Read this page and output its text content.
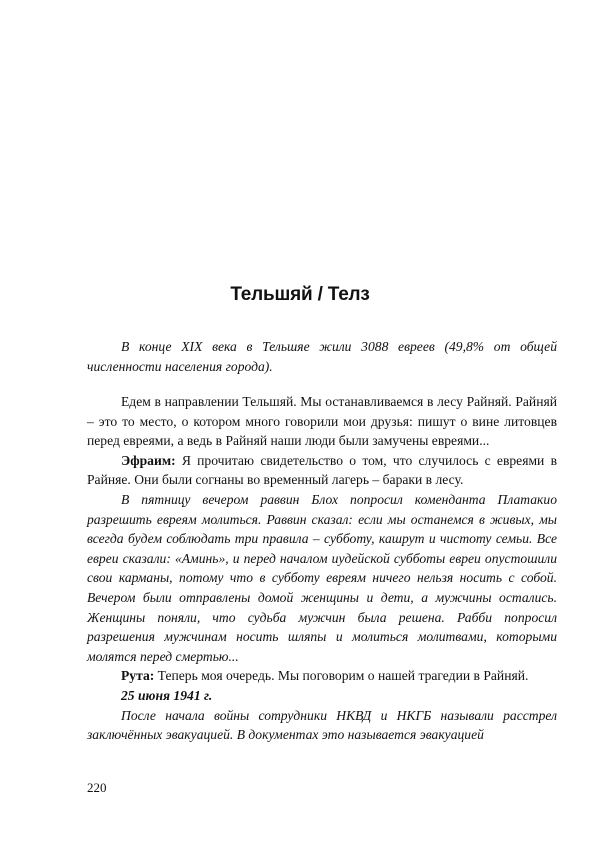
Тельшяй / Телз

В конце XIX века в Тельшяе жили 3088 евреев (49,8% от общей численности населения города).

Едем в направлении Тельшяй. Мы останавливаемся в лесу Райняй. Райняй – это то место, о котором много говорили мои друзья: пишут о вине литовцев перед евреями, а ведь в Райняй наши люди были замучены евреями...

Эфраим: Я прочитаю свидетельство о том, что случилось с евреями в Райняе. Они были согнаны во временный лагерь – бараки в лесу.

В пятницу вечером раввин Блох попросил коменданта Платакио разрешить евреям молиться. Раввин сказал: если мы останемся в живых, мы всегда будем соблюдать три правила – субботу, кашрут и чистоту семьи. Все евреи сказали: «Аминь», и перед началом иудейской субботы евреи опустошили свои карманы, потому что в субботу евреям ничего нельзя носить с собой. Вечером были отправлены домой женщины и дети, а мужчины остались. Женщины поняли, что судьба мужчин была решена. Рабби попросил разрешения мужчинам носить шляпы и молиться молитвами, которыми молятся перед смертью...

Рута: Теперь моя очередь. Мы поговорим о нашей трагедии в Райняй.

25 июня 1941 г.

После начала войны сотрудники НКВД и НКГБ называли расстрел заключённых эвакуацией. В документах это называется эвакуацией

220
